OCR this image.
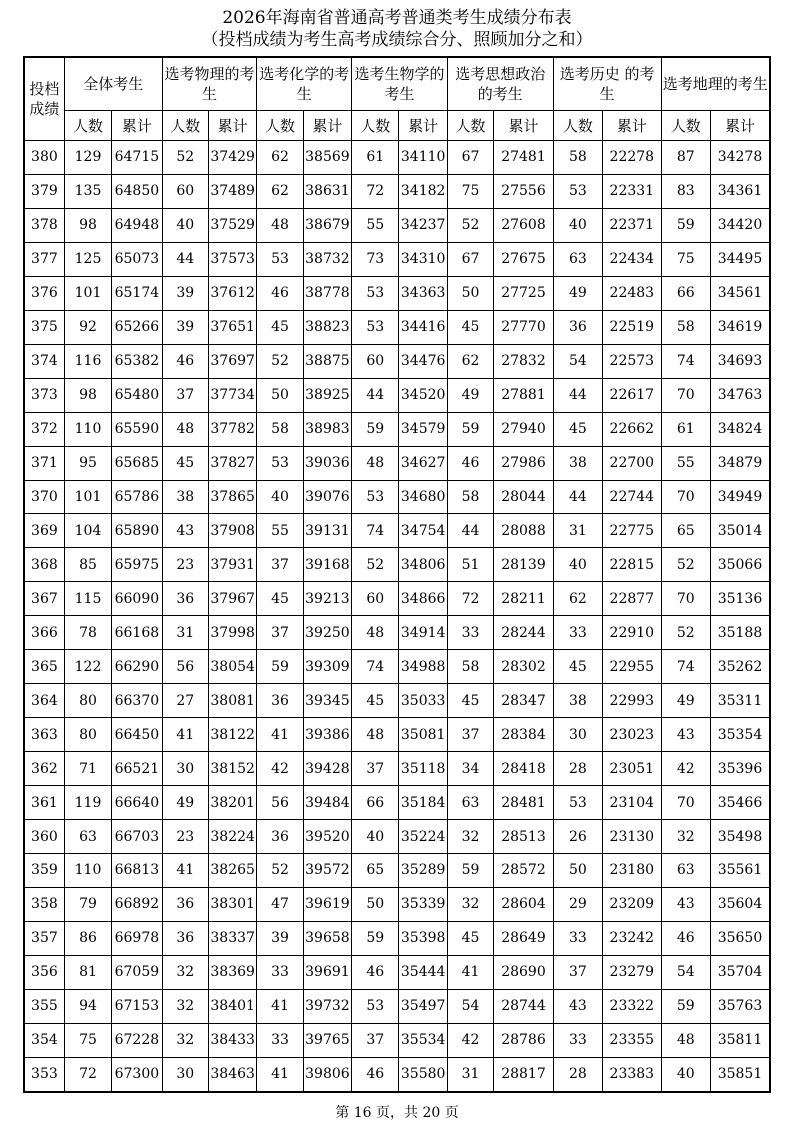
2026年海南省普通高考普通类考生成绩分布表
（投档成绩为考生高考成绩综合分、照顾加分之和）
投档成绩	全体考生		选考物理的考生		选考化学的考生		选考生物学的考生		选考思想政治的考生		选考历史 的考生		选考地理的考生	
	人数	累计	人数	累计	人数	累计	人数	累计	人数	累计	人数	累计	人数	累计
380	129	64715	52	37429	62	38569	61	34110	67	27481	58	22278	87	34278
379	135	64850	60	37489	62	38631	72	34182	75	27556	53	22331	83	34361
378	98	64948	40	37529	48	38679	55	34237	52	27608	40	22371	59	34420
377	125	65073	44	37573	53	38732	73	34310	67	27675	63	22434	75	34495
376	101	65174	39	37612	46	38778	53	34363	50	27725	49	22483	66	34561
375	92	65266	39	37651	45	38823	53	34416	45	27770	36	22519	58	34619
374	116	65382	46	37697	52	38875	60	34476	62	27832	54	22573	74	34693
373	98	65480	37	37734	50	38925	44	34520	49	27881	44	22617	70	34763
372	110	65590	48	37782	58	38983	59	34579	59	27940	45	22662	61	34824
371	95	65685	45	37827	53	39036	48	34627	46	27986	38	22700	55	34879
370	101	65786	38	37865	40	39076	53	34680	58	28044	44	22744	70	34949
369	104	65890	43	37908	55	39131	74	34754	44	28088	31	22775	65	35014
368	85	65975	23	37931	37	39168	52	34806	51	28139	40	22815	52	35066
367	115	66090	36	37967	45	39213	60	34866	72	28211	62	22877	70	35136
366	78	66168	31	37998	37	39250	48	34914	33	28244	33	22910	52	35188
365	122	66290	56	38054	59	39309	74	34988	58	28302	45	22955	74	35262
364	80	66370	27	38081	36	39345	45	35033	45	28347	38	22993	49	35311
363	80	66450	41	38122	41	39386	48	35081	37	28384	30	23023	43	35354
362	71	66521	30	38152	42	39428	37	35118	34	28418	28	23051	42	35396
361	119	66640	49	38201	56	39484	66	35184	63	28481	53	23104	70	35466
360	63	66703	23	38224	36	39520	40	35224	32	28513	26	23130	32	35498
359	110	66813	41	38265	52	39572	65	35289	59	28572	50	23180	63	35561
358	79	66892	36	38301	47	39619	50	35339	32	28604	29	23209	43	35604
357	86	66978	36	38337	39	39658	59	35398	45	28649	33	23242	46	35650
356	81	67059	32	38369	33	39691	46	35444	41	28690	37	23279	54	35704
355	94	67153	32	38401	41	39732	53	35497	54	28744	43	23322	59	35763
354	75	67228	32	38433	33	39765	37	35534	42	28786	33	23355	48	35811
353	72	67300	30	38463	41	39806	46	35580	31	28817	28	23383	40	35851
第 16 页，共 20 页
